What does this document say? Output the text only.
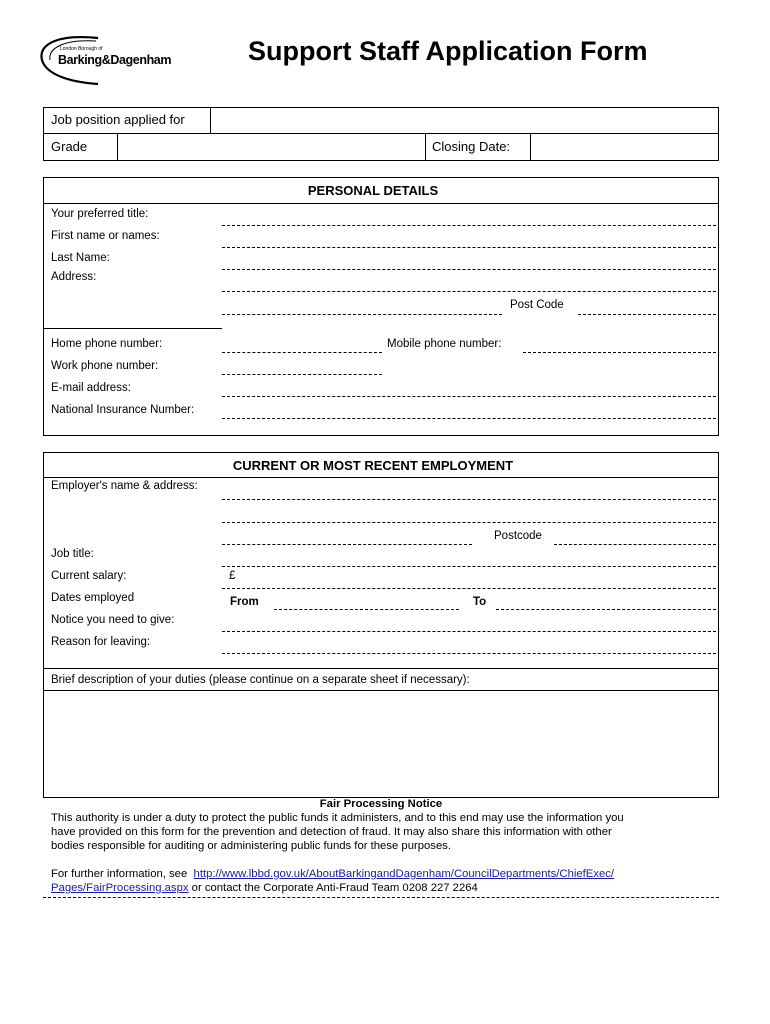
London Borough of
Barking&Dagenham	Support Staff Application Form
Job position applied for
Grade	Closing Date:
PERSONAL DETAILS
Your preferred title:
First name or names:
Last Name:
Address:
Post Code
Home phone number:	Mobile phone number:
Work phone number:
E-mail address:
National Insurance Number:
CURRENT OR MOST RECENT EMPLOYMENT
Employer's name & address:
Postcode
Job title:
Current salary:	£
Dates employed	From	To
Notice you need to give:
Reason for leaving:
Brief description of your duties (please continue on a separate sheet if necessary):
Fair Processing Notice
This authority is under a duty to protect the public funds it administers, and to this end may use the information you
have provided on this form for the prevention and detection of fraud. It may also share this information with other
bodies responsible for auditing or administering public funds for these purposes.
For further information, see http://www.lbbd.gov.uk/AboutBarkingandDagenham/CouncilDepartments/ChiefExec/
Pages/FairProcessing.aspx or contact the Corporate Anti-Fraud Team 0208 227 2264
